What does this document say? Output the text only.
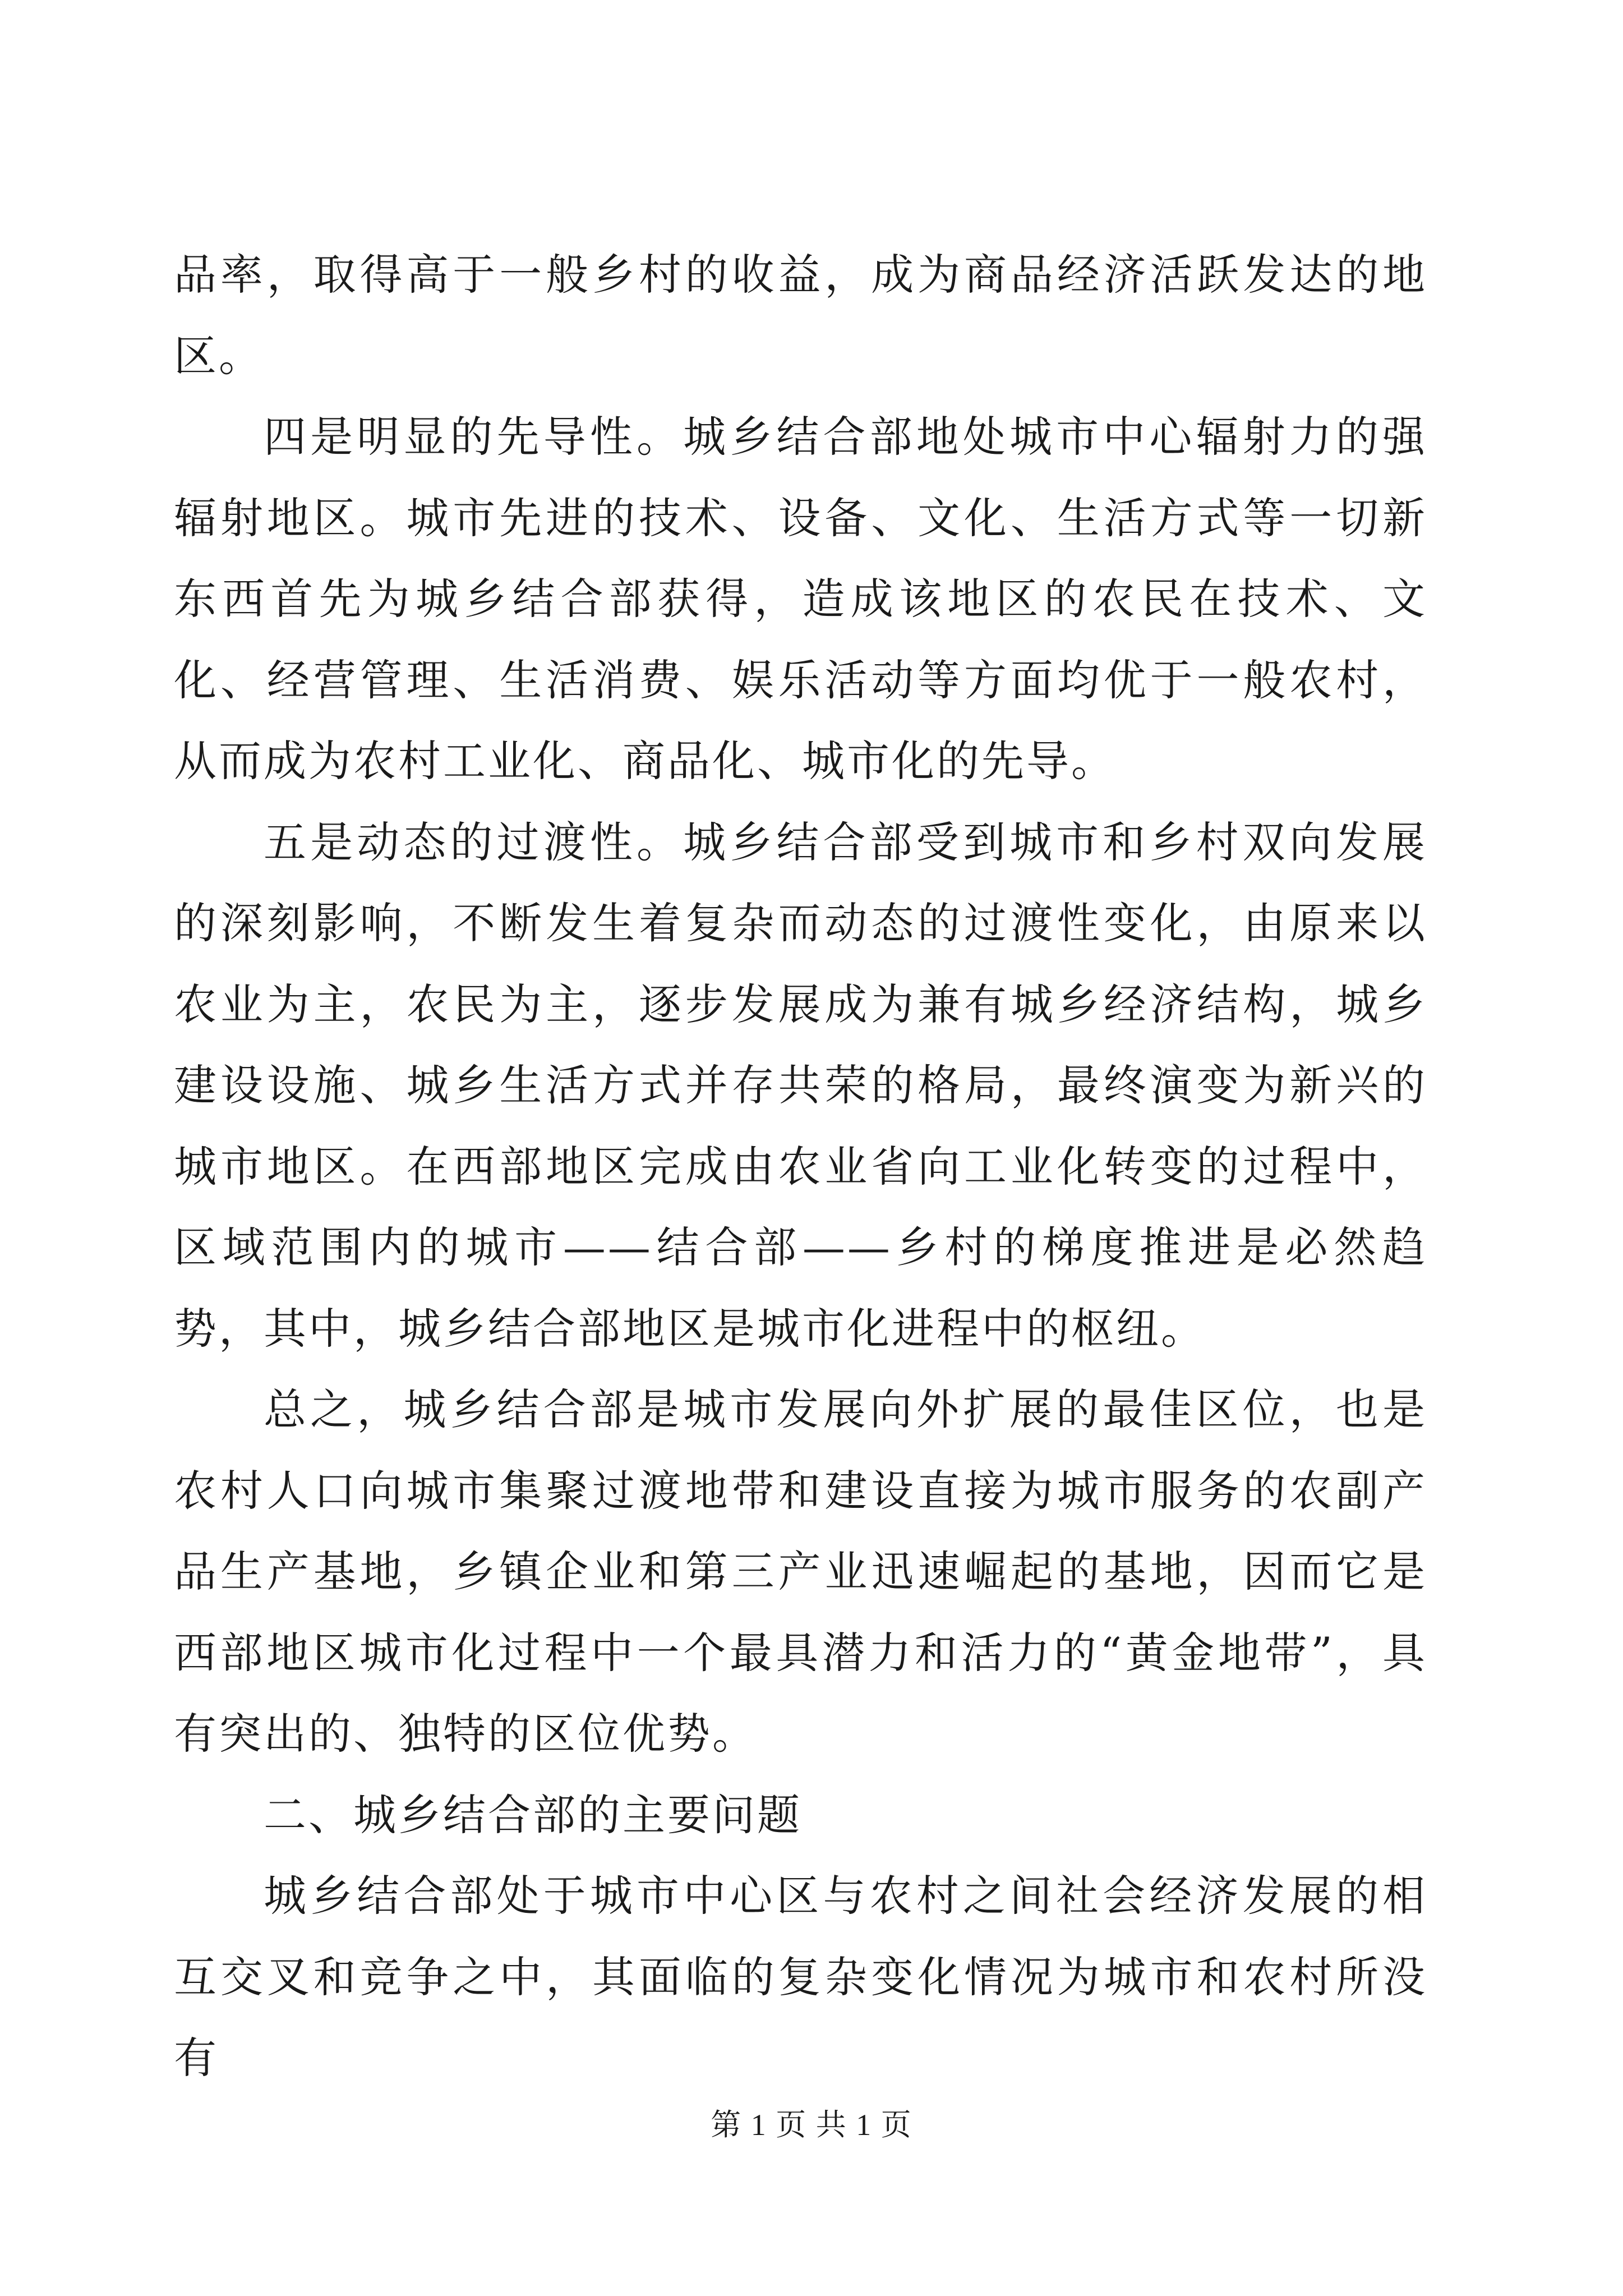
品率，取得高于一般乡村的收益，成为商品经济活跃发达的地区。

四是明显的先导性。城乡结合部地处城市中心辐射力的强辐射地区。城市先进的技术、设备、文化、生活方式等一切新东西首先为城乡结合部获得，造成该地区的农民在技术、文化、经营管理、生活消费、娱乐活动等方面均优于一般农村，从而成为农村工业化、商品化、城市化的先导。

五是动态的过渡性。城乡结合部受到城市和乡村双向发展的深刻影响，不断发生着复杂而动态的过渡性变化，由原来以农业为主，农民为主，逐步发展成为兼有城乡经济结构，城乡建设设施、城乡生活方式并存共荣的格局，最终演变为新兴的城市地区。在西部地区完成由农业省向工业化转变的过程中，区域范围内的城市——结合部——乡村的梯度推进是必然趋势，其中，城乡结合部地区是城市化进程中的枢纽。

总之，城乡结合部是城市发展向外扩展的最佳区位，也是农村人口向城市集聚过渡地带和建设直接为城市服务的农副产品生产基地，乡镇企业和第三产业迅速崛起的基地，因而它是西部地区城市化过程中一个最具潜力和活力的“黄金地带”，具有突出的、独特的区位优势。

二、城乡结合部的主要问题

城乡结合部处于城市中心区与农村之间社会经济发展的相互交叉和竞争之中，其面临的复杂变化情况为城市和农村所没有

第 1 页 共 1 页
